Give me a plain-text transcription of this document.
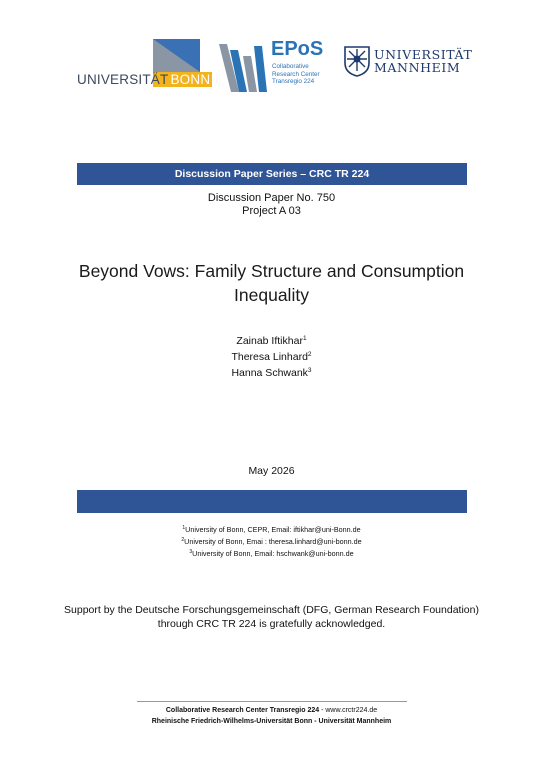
UNIVERSITÄT BONN
EPoS
Collaborative
Research Center
Transregio 224
UNIVERSITÄT
MANNHEIM
Discussion Paper Series – CRC TR 224
Discussion Paper No. 750
Project A 03
Beyond Vows: Family Structure and Consumption
Inequality
Zainab Iftikhar$^1$
Theresa Linhard$^2$
Hanna Schwank$^3$
May 2026
$^1$University of Bonn, CEPR, Email: iftikhar@uni-Bonn.de
$^2$University of Bonn, Emai : theresa.linhard@uni-bonn.de
$^3$University of Bonn, Email: hschwank@uni-bonn.de
Support by the Deutsche Forschungsgemeinschaft (DFG, German Research Foundation)
through CRC TR 224 is gratefully acknowledged.
Collaborative Research Center Transregio 224 - www.crctr224.de
Rheinische Friedrich-Wilhelms-Universität Bonn - Universität Mannheim
